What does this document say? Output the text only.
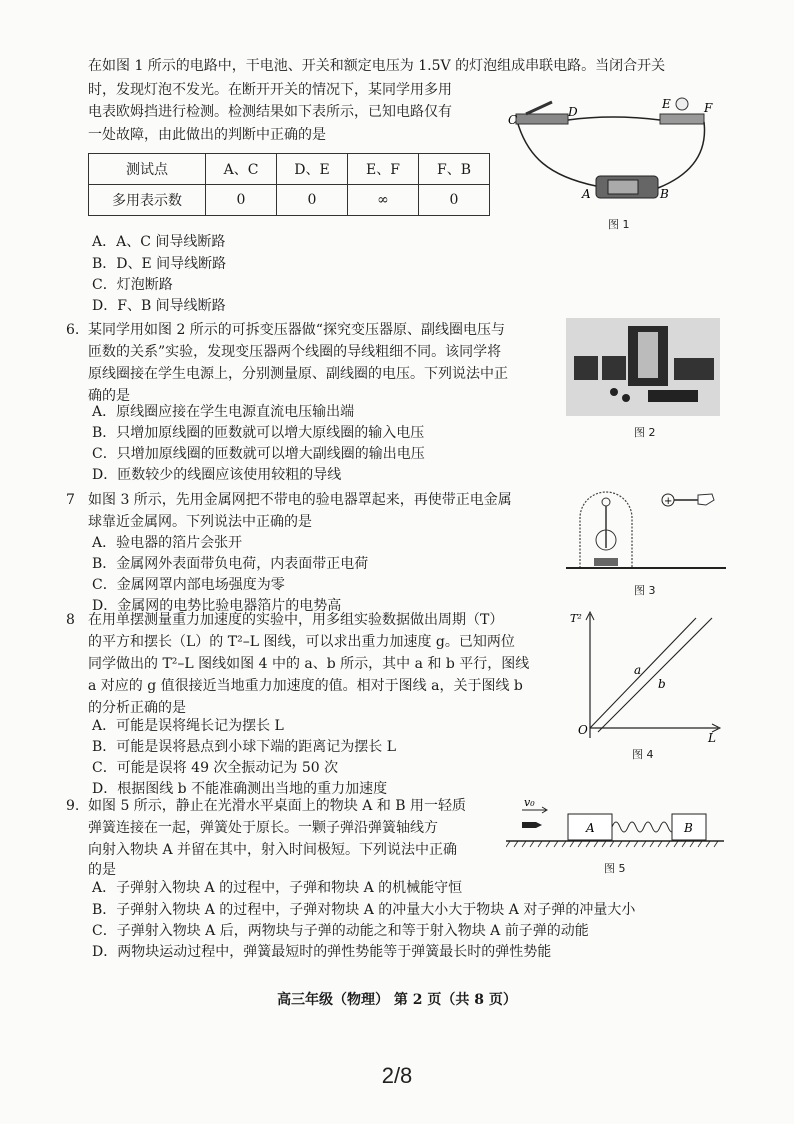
在如图 1 所示的电路中，干电池、开关和额定电压为 1.5V 的灯泡组成串联电路。当闭合开关
时，发现灯泡不发光。在断开开关的情况下，某同学用多用
电表欧姆挡进行检测。检测结果如下表所示，已知电路仅有
一处故障，由此做出的判断中正确的是
测试点	A、C	D、E	E、F	F、B
多用表示数	0	0	∞	0
A．A、C 间导线断路
B．D、E 间导线断路
C．灯泡断路
D．F、B 间导线断路
C
D
E	F
A	B
图 1
6. 某同学用如图 2 所示的可拆变压器做“探究变压器原、副线圈电压与
匝数的关系”实验，发现变压器两个线圈的导线粗细不同。该同学将
原线圈接在学生电源上，分别测量原、副线圈的电压。下列说法中正
确的是
A．原线圈应接在学生电源直流电压输出端
B．只增加原线圈的匝数就可以增大原线圈的输入电压
C．只增加原线圈的匝数就可以增大副线圈的输出电压
D．匝数较少的线圈应该使用较粗的导线
图 2
7 如图 3 所示，先用金属网把不带电的验电器罩起来，再使带正电金属
球靠近金属网。下列说法中正确的是
A．验电器的箔片会张开
B．金属网外表面带负电荷，内表面带正电荷
C．金属网罩内部电场强度为零
D．金属网的电势比验电器箔片的电势高
+
图 3
8 在用单摆测量重力加速度的实验中，用多组实验数据做出周期（T）
的平方和摆长（L）的 T²–L 图线，可以求出重力加速度 g。已知两位
同学做出的 T²–L 图线如图 4 中的 a、b 所示，其中 a 和 b 平行，图线
a 对应的 g 值很接近当地重力加速度的值。相对于图线 a，关于图线 b
的分析正确的是
A．可能是误将绳长记为摆长 L
B．可能是误将悬点到小球下端的距离记为摆长 L
C．可能是误将 49 次全振动记为 50 次
D．根据图线 b 不能准确测出当地的重力加速度
T²
L
O
a
b
图 4
9. 如图 5 所示，静止在光滑水平桌面上的物块 A 和 B 用一轻质
弹簧连接在一起，弹簧处于原长。一颗子弹沿弹簧轴线方
向射入物块 A 并留在其中，射入时间极短。下列说法中正确
的是
A．子弹射入物块 A 的过程中，子弹和物块 A 的机械能守恒
B．子弹射入物块 A 的过程中，子弹对物块 A 的冲量大小大于物块 A 对子弹的冲量大小
C．子弹射入物块 A 后，两物块与子弹的动能之和等于射入物块 A 前子弹的动能
D．两物块运动过程中，弹簧最短时的弹性势能等于弹簧最长时的弹性势能
v₀
A	B
图 5
高三年级（物理） 第 2 页（共 8 页）
2/8
